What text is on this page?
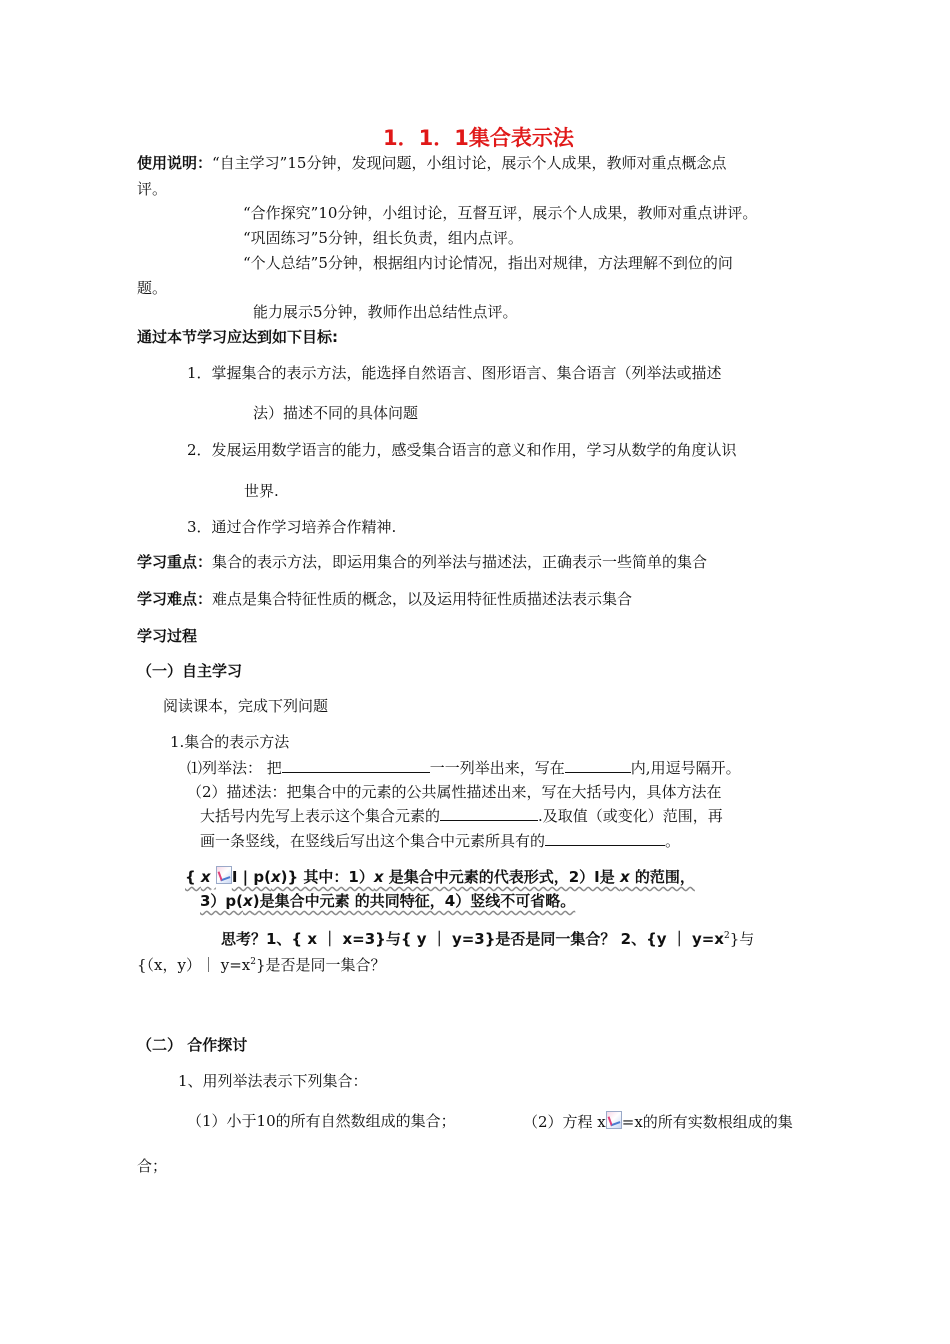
1．1．1集合表示法
使用说明：“自主学习”15分钟，发现问题，小组讨论，展示个人成果，教师对重点概念点
评。
“合作探究”10分钟，小组讨论，互督互评，展示个人成果，教师对重点讲评。
“巩固练习”5分钟，组长负责，组内点评。
“个人总结”5分钟，根据组内讨论情况，指出对规律，方法理解不到位的问
题。
能力展示5分钟，教师作出总结性点评。
通过本节学习应达到如下目标:
1．掌握集合的表示方法，能选择自然语言、图形语言、集合语言（列举法或描述
法）描述不同的具体问题
2．发展运用数学语言的能力，感受集合语言的意义和作用，学习从数学的角度认识
世界.
3．通过合作学习培养合作精神.
学习重点：集合的表示方法，即运用集合的列举法与描述法，正确表示一些简单的集合
学习难点：难点是集合特征性质的概念，以及运用特征性质描述法表示集合
学习过程
（一）自主学习
阅读课本，完成下列问题
1.集合的表示方法
⑴列举法： 把	一一列举出来，写在	内,用逗号隔开。
（2）描述法：把集合中的元素的公共属性描述出来，写在大括号内，具体方法在
大括号内先写上表示这个集合元素的	.及取值（或变化）范围，再
画一条竖线，在竖线后写出这个集合中元素所具有的	。
{ x I | p(x)} 其中：1）x 是集合中元素的代表形式，2）I是 x 的范围，
3）p(x)是集合中元素 的共同特征，4）竖线不可省略。
思考？1、{ x ｜ x=3}与{ y ｜ y=3}是否是同一集合？ 2、{y ｜ $y=x^2$}与
{（x，y）｜ $y=x^2$}是否是同一集合？
（二） 合作探讨
1、用列举法表示下列集合：
（1）小于10的所有自然数组成的集合；	（2）方程 x =x的所有实数根组成的集
合；
